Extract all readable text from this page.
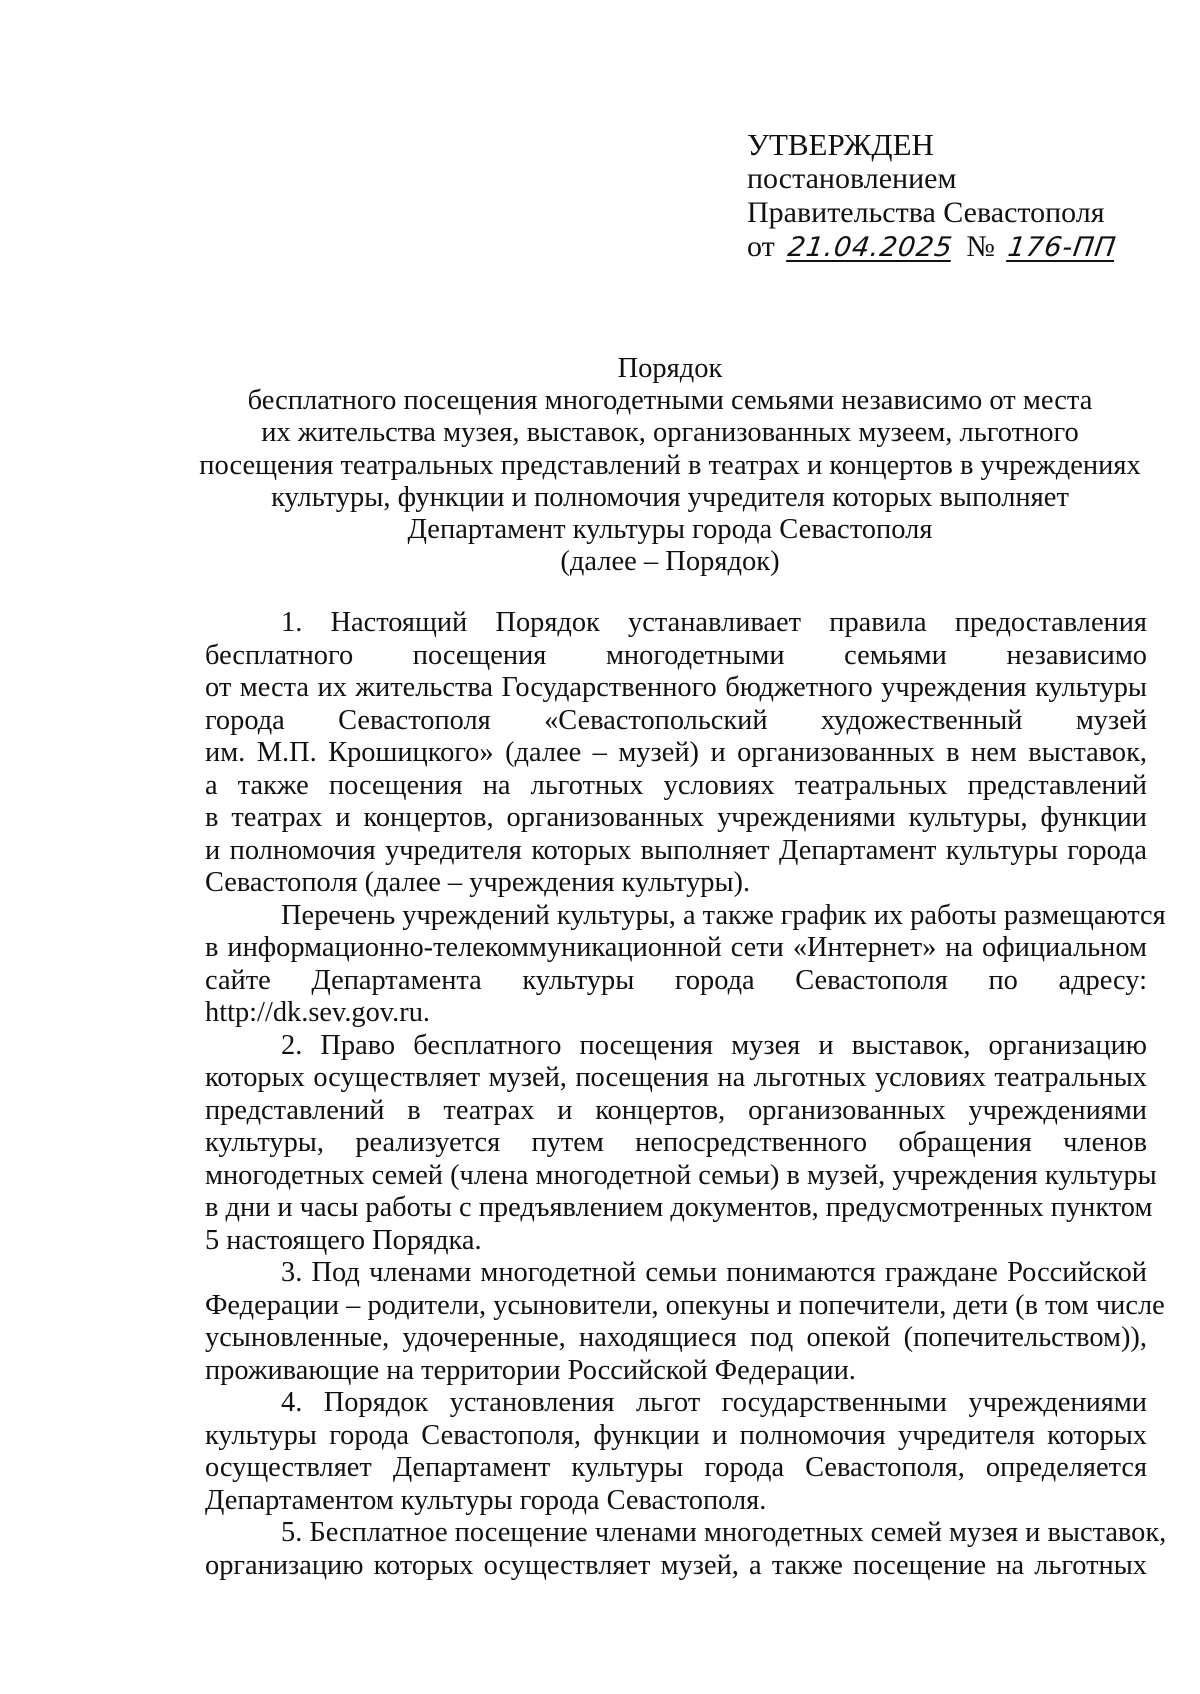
УТВЕРЖДЕН
постановлением
Правительства Севастополя
от 21.04.2025 № 176-ПП
Порядок
бесплатного посещения многодетными семьями независимо от места
их жительства музея, выставок, организованных музеем, льготного
посещения театральных представлений в театрах и концертов в учреждениях
культуры, функции и полномочия учредителя которых выполняет
Департамент культуры города Севастополя
(далее – Порядок)
1. Настоящий Порядок устанавливает правила предоставления
бесплатного посещения многодетными семьями независимо
от места их жительства Государственного бюджетного учреждения культуры
города Севастополя «Севастопольский художественный музей
им. М.П. Крошицкого» (далее – музей) и организованных в нем выставок,
а также посещения на льготных условиях театральных представлений
в театрах и концертов, организованных учреждениями культуры, функции
и полномочия учредителя которых выполняет Департамент культуры города
Севастополя (далее – учреждения культуры).
Перечень учреждений культуры, а также график их работы размещаются
в информационно-телекоммуникационной сети «Интернет» на официальном
сайте Департамента культуры города Севастополя по адресу:
http://dk.sev.gov.ru.
2. Право бесплатного посещения музея и выставок, организацию
которых осуществляет музей, посещения на льготных условиях театральных
представлений в театрах и концертов, организованных учреждениями
культуры, реализуется путем непосредственного обращения членов
многодетных семей (члена многодетной семьи) в музей, учреждения культуры
в дни и часы работы с предъявлением документов, предусмотренных пунктом
5 настоящего Порядка.
3. Под членами многодетной семьи понимаются граждане Российской
Федерации – родители, усыновители, опекуны и попечители, дети (в том числе
усыновленные, удочеренные, находящиеся под опекой (попечительством)),
проживающие на территории Российской Федерации.
4. Порядок установления льгот государственными учреждениями
культуры города Севастополя, функции и полномочия учредителя которых
осуществляет Департамент культуры города Севастополя, определяется
Департаментом культуры города Севастополя.
5. Бесплатное посещение членами многодетных семей музея и выставок,
организацию которых осуществляет музей, а также посещение на льготных
